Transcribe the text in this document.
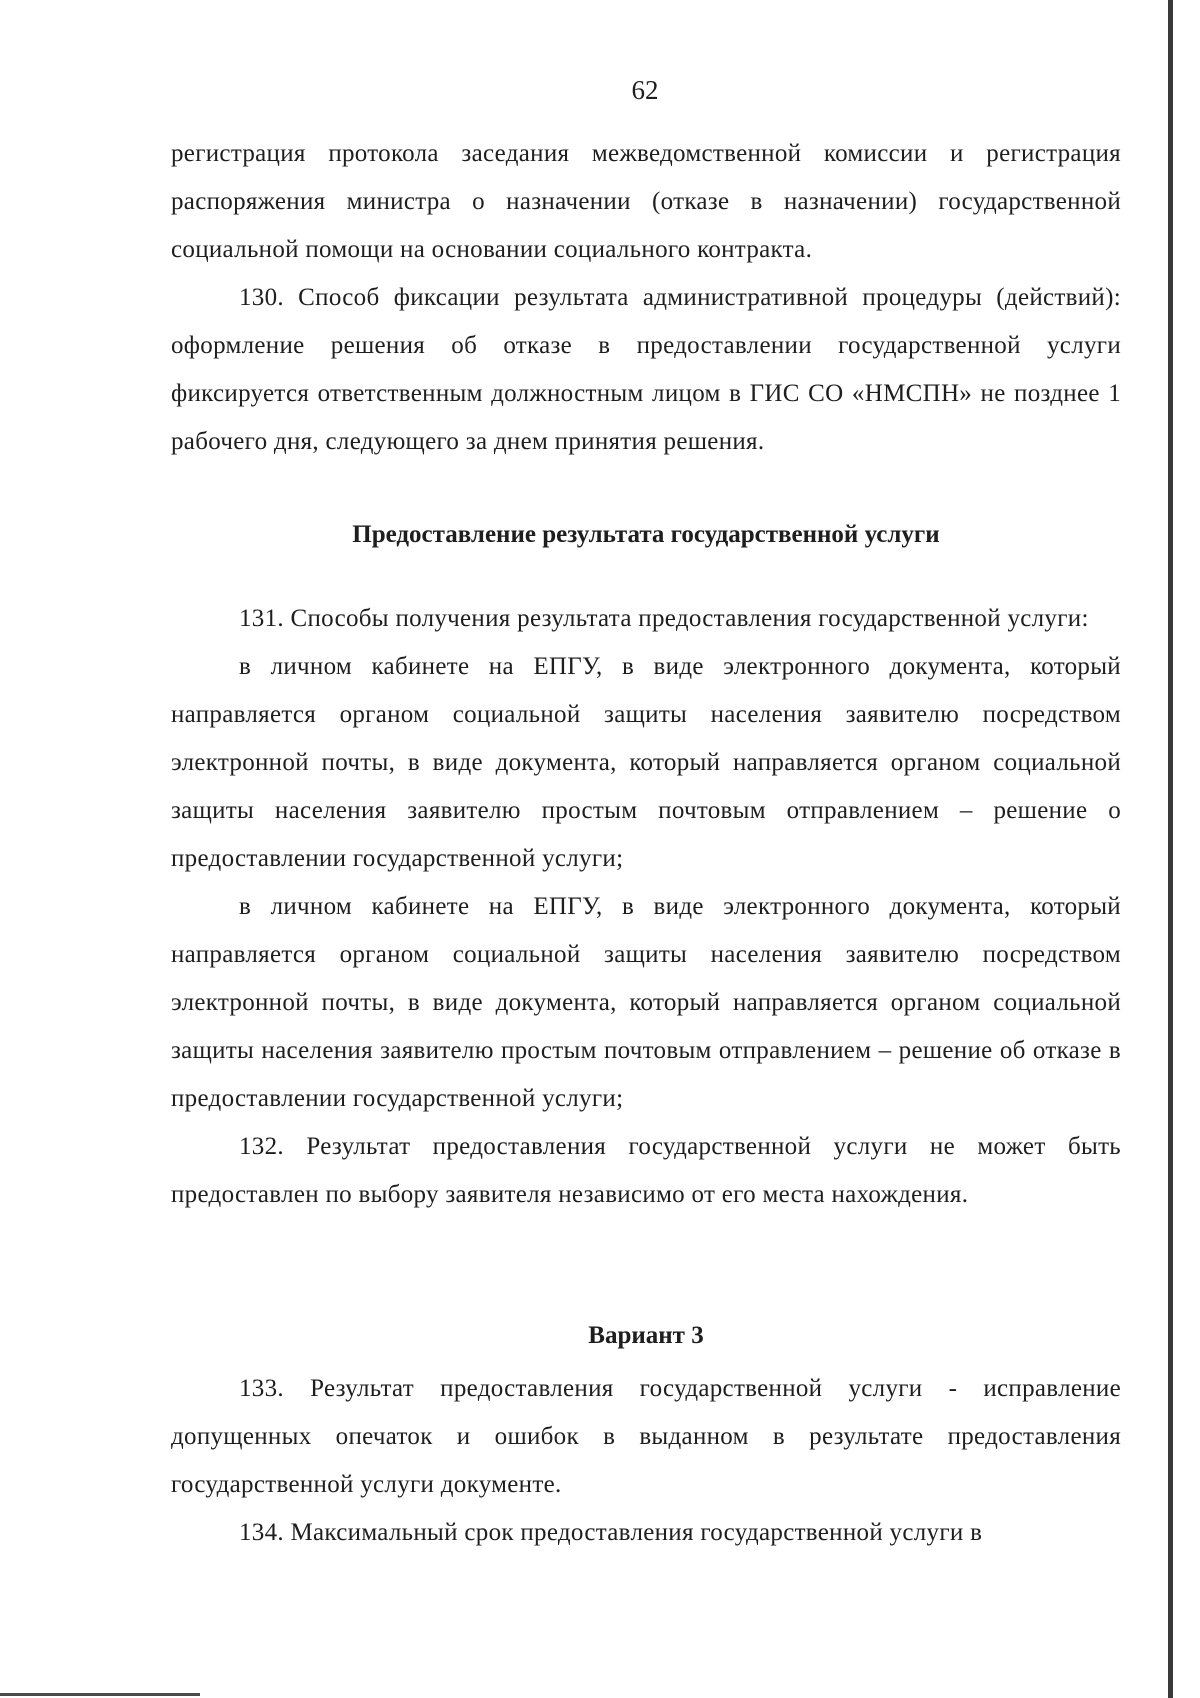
62

регистрация протокола заседания межведомственной комиссии и регистрация распоряжения министра о назначении (отказе в назначении) государственной социальной помощи на основании социального контракта.

130. Способ фиксации результата административной процедуры (действий): оформление решения об отказе в предоставлении государственной услуги фиксируется ответственным должностным лицом в ГИС СО «НМСПН» не позднее 1 рабочего дня, следующего за днем принятия решения.

Предоставление результата государственной услуги

131. Способы получения результата предоставления государственной услуги:

в личном кабинете на ЕПГУ, в виде электронного документа, который направляется органом социальной защиты населения заявителю посредством электронной почты, в виде документа, который направляется органом социальной защиты населения заявителю простым почтовым отправлением – решение о предоставлении государственной услуги;

в личном кабинете на ЕПГУ, в виде электронного документа, который направляется органом социальной защиты населения заявителю посредством электронной почты, в виде документа, который направляется органом социальной защиты населения заявителю простым почтовым отправлением – решение об отказе в предоставлении государственной услуги;

132. Результат предоставления государственной услуги не может быть предоставлен по выбору заявителя независимо от его места нахождения.

Вариант 3

133. Результат предоставления государственной услуги - исправление допущенных опечаток и ошибок в выданном в результате предоставления государственной услуги документе.

134. Максимальный срок предоставления государственной услуги в
